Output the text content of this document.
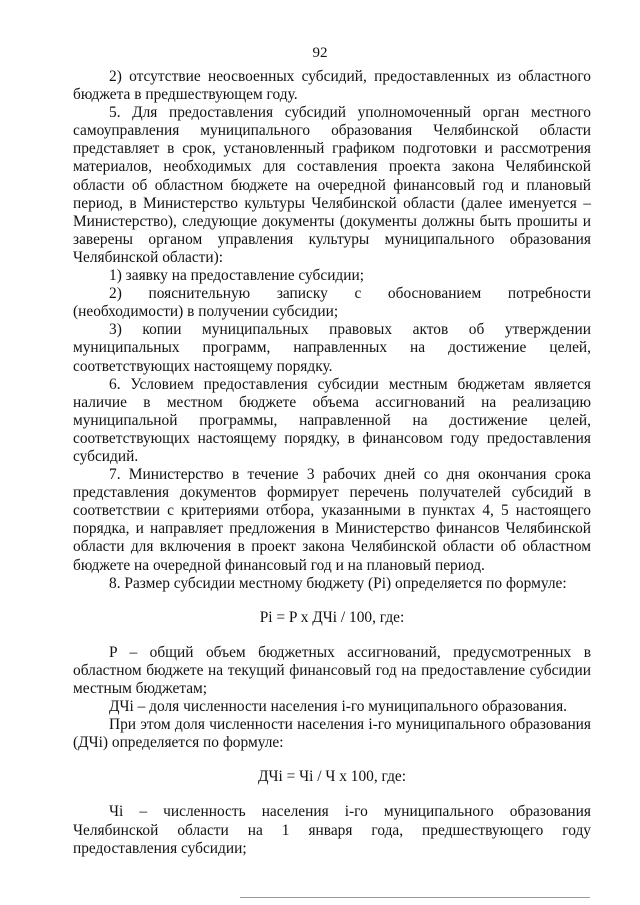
92

2) отсутствие неосвоенных субсидий, предоставленных из областного бюджета в предшествующем году.

5. Для предоставления субсидий уполномоченный орган местного самоуправления муниципального образования Челябинской области представляет в срок, установленный графиком подготовки и рассмотрения материалов, необходимых для составления проекта закона Челябинской области об областном бюджете на очередной финансовый год и плановый период, в Министерство культуры Челябинской области (далее именуется – Министерство), следующие документы (документы должны быть прошиты и заверены органом управления культуры муниципального образования Челябинской области):

1) заявку на предоставление субсидии;

2) пояснительную записку с обоснованием потребности (необходимости) в получении субсидии;

3) копии муниципальных правовых актов об утверждении муниципальных программ, направленных на достижение целей, соответствующих настоящему порядку.

6. Условием предоставления субсидии местным бюджетам является наличие в местном бюджете объема ассигнований на реализацию муниципальной программы, направленной на достижение целей, соответствующих настоящему порядку, в финансовом году предоставления субсидий.

7. Министерство в течение 3 рабочих дней со дня окончания срока представления документов формирует перечень получателей субсидий в соответствии с критериями отбора, указанными в пунктах 4, 5 настоящего порядка, и направляет предложения в Министерство финансов Челябинской области для включения в проект закона Челябинской области об областном бюджете на очередной финансовый год и на плановый период.

8. Размер субсидии местному бюджету (Pi) определяется по формуле:

Pi = P x ДЧi / 100, где:

P – общий объем бюджетных ассигнований, предусмотренных в областном бюджете на текущий финансовый год на предоставление субсидии местным бюджетам;

ДЧi – доля численности населения i-го муниципального образования.

При этом доля численности населения i-го муниципального образования (ДЧi) определяется по формуле:

ДЧi = Чi / Ч x 100, где:

Чi – численность населения i-го муниципального образования Челябинской области на 1 января года, предшествующего году предоставления субсидии;
